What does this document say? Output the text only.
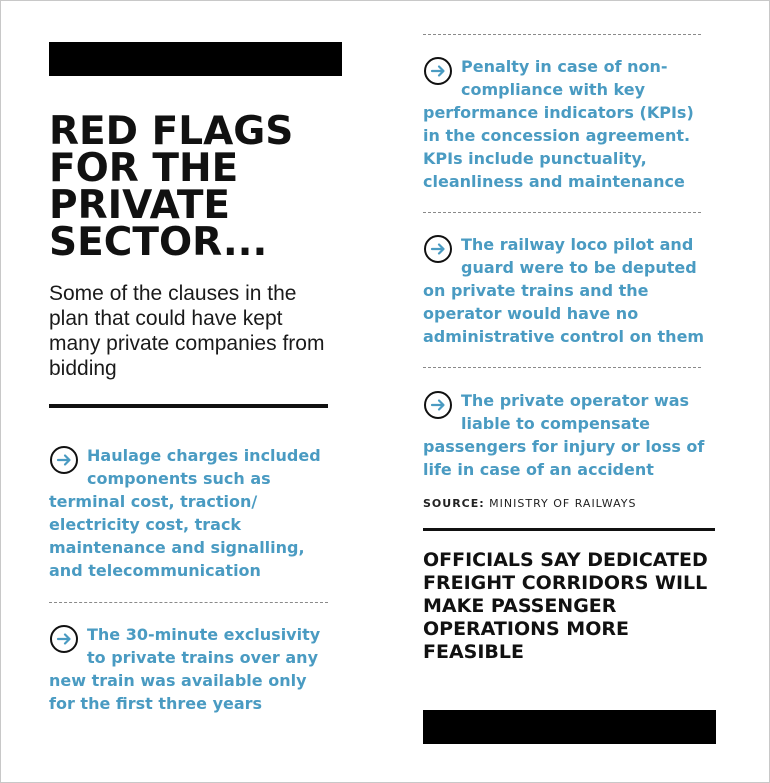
RED FLAGS FOR THE PRIVATE SECTOR...

Some of the clauses in the plan that could have kept many private companies from bidding

Haulage charges included components such as terminal cost, traction/ electricity cost, track maintenance and signalling, and telecommunication
The 30-minute exclusivity to private trains over any new train was available only for the first three years
Penalty in case of non-compliance with key performance indicators (KPIs) in the concession agreement. KPIs include punctuality, cleanliness and maintenance
The railway loco pilot and guard were to be deputed on private trains and the operator would have no administrative control on them
The private operator was liable to compensate passengers for injury or loss of life in case of an accident
SOURCE: MINISTRY OF RAILWAYS

OFFICIALS SAY DEDICATED FREIGHT CORRIDORS WILL MAKE PASSENGER OPERATIONS MORE FEASIBLE
